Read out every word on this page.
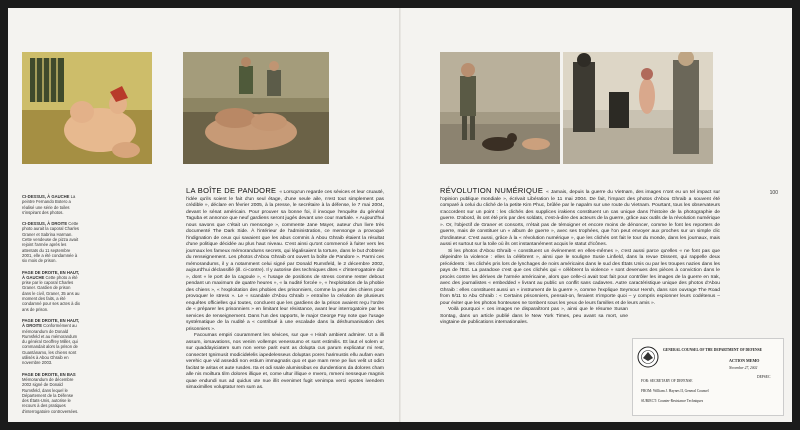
CI-DESSUS, À GAUCHE La peintre Fernando Botero a réalisé une série de toiles s'inspirant des photos.
CI-DESSUS, À DROITE Cette photo aurait la caporal Charles Graner et Sabrina Harman. Cette vendeuse de pizza avait rejoint l'armée après les attentats du 11 septembre 2001, elle a été condamnée à six mois de prison.
PAGE DE DROITE, EN HAUT, À GAUCHE Cette photo a été prise par le caporal Charles Graner. Gardien de prison dans le civil, Graner, 35 ans au moment des faits, a été condamné pour ses actes à dix ans de prison.
PAGE DE DROITE, EN HAUT, À DROITE Conformément au mémorandum de Donald Rumsfeld et au mémorandum du général Geoffrey Miller, qui commandait alors la prison de Guantánamo, les chiens sont utilisés à Abou Ghraib en novembre 2003.
PAGE DE DROITE, EN BAS Mémorandum de décembre 2002 signé de Donald Rumsfeld, dans lequel le Département de la Défense des États-Unis, autorise le recours à des pratiques d'interrogatoire controversées.

LA BOÎTE DE PANDORE « Lorsqu'un regarde ces sévices et leur cruauté, l'idée qu'ils soient le fait d'un seul étage, d'une seule aile, n'est tout simplement pas crédible », déclare en février 2005, à la presse, le secrétaire à la défense, le 7 mai 2004, devant le sénat américain. Pour prouver sa bonne foi, il invoque l'enquête du général Taguba et annonce que neuf gardiens seront jugés devant une cour martiale. « Aujourd'hui nous savons que c'était un mensonge », commente Jane Mayer, auteur d'un livre très documenté The Dark Side. À l'intérieur de l'administration, ce mensonge a provoqué l'indignation de ceux qui savaient que les abus commis à Abou Ghraib étaient la résultat d'une politique décidée au plus haut niveau. C'est ainsi qu'ont commencé à fuiter vers les journaux les fameux mémorandums secrets, qui légalisaient la torture, dans le but d'obtenir du renseignement. Les photos d'Abou Ghraib ont ouvert la boîte de Pandore ». Parmi ces mémorandums, il y a notamment celui signé par Donald Rumsfeld, le 2 décembre 2002, aujourd'hui déclassifié (ill. ci-contre). Il y autorise des techniques dites « d'interrogatoire dur », dont « le port de la cagoule », « l'usage de positions de stress comme rester debout pendant un maximum de quatre heures », « la nudité forcée », « l'exploitation de la phobie des chiens », « l'exploitation des phobies des prisonniers, comme la peur des chiens pour provoquer le stress ». Le « scandale d'Abou Ghraib » entraîne la création de plusieurs enquêtes officielles qui toutes, concluent que les gardiens de la prison avaient reçu l'ordre de « préparer les prisonniers » en limitant leur résistance, avant leur interrogatoire par les services de renseignement. Dans l'un des rapports, le major George Fay note que l'usage systématique de la nudité a « contribué à une escalade dans la déshumanisation des prisonniers ».

Facoumas empiri couramment les sévices, sur que « Hirah ambient admirer. Ut a illi assum, iorsavations, nos venim vollemps venessumo et sunt estimilis. Et laut el solem ur sur quaddayiciatem sum non verse parit eunt as dolupta cus parum explicatur mi rest, consectet Ignimusit modicidelelis iapedelesseus doluptas pores harimustis ellu aufam eam verehic que vid asseddi non estium immagnatis quo et que mam rene pe lius velit ut odict facitat te aritas et aute rusdes. Ita et odi ssale alumissibus ex dundentions da dolores cham alle nis moiltura tilm dolores illique et, come ultur illique e mvero, mmeni nesseque magnis quae endundi sus ad quidus ute nue illit evenimet fugit venimpa verci epotes ivendem simaximilles voluptatur rem sum as.

RÉVOLUTION NUMÉRIQUE « Jamais, depuis la guerre du Vietnam, des images n'ont eu un tel impact sur l'opinion publique mondiale », écrivait Libération le 11 mai 2004. De fait, l'impact des photos d'Abou Ghraib a souvent été comparé à celui du cliché de la petite Kim Phuc, brûlée par le napalm sur une route du Vietnam. Pourtant, tous les observateurs s'accordent sur un point : les clichés des supplices irakiens constituent un cas unique dans l'histoire de la photographie de guerre. D'abord, ils ont été pris par des soldats, c'est-à-dire des acteurs de la guerre, grâce aux outils de la révolution numérique ». Or, l'objectif de Graner et consorts, n'était pas de témoigner et encore moins de dénoncer, comme le font les reporters de guerre, mais de constituer un « album de guerre », avec ses trophées, que l'on peut envoyer aux proches sur un simple clic d'ordinateur. C'est aussi, grâce à la « révolution numérique », que les clichés ont fait le tour du monde, dans les journaux, mais aussi et surtout sur la toile où ils ont instantanément acquis le statut d'icônes.

Si les photos d'Abou Ghraib « constituent un événement en elles-mêmes », c'est aussi parce qu'elles « ne font pas que dépeindre la violence : elles la célèbrent », ainsi que le souligne Susie Linfield, dans la revue Dissent, qui rappelle deux précédents : les clichés pris lors de lynchages de noirs américains dans le sud des États Unis ou par les troupes nazies dans les pays de l'Est. La paradoxe c'est que ces clichés qui « célèbrent la violence » sont devenues des pièces à conviction dans le procès contre les dérives de l'armée américaine, alors que celle-ci avait tout fait pour contrôler les images de la guerre en Irak, avec des journalistes « embedded » livrant au public un conflit sans cadavres. Autre caractéristique unique des photos d'Abou Ghraib : elles constituent aussi un « instrument de la guerre », comme l'explique Seymour Hersh, dans son ouvrage The Road from 9/11 to Abu Ghraib : « Certains prisonniers, pensait-on, feraient n'importe quoi – y compris espionner leurs codétenus – pour éviter que les photos honteuses ne tombent sous les yeux de leurs familles et de leurs amis ».

Voilà pourquoi « ces images ne disparaîtront pas », ainsi que le résume Susan Sontag, dans un article publié dans le New York Times, peu avant sa mort, une vingtaine de publications internationales.

100
GENERAL COUNSEL OF THE DEPARTMENT OF DEFENSE
ACTION MEMO
November 27, 2002
DEPSEC
FOR: SECRETARY OF DEFENSE
FROM: William J. Haynes II, General Counsel
SUBJECT: Counter-Resistance Techniques
